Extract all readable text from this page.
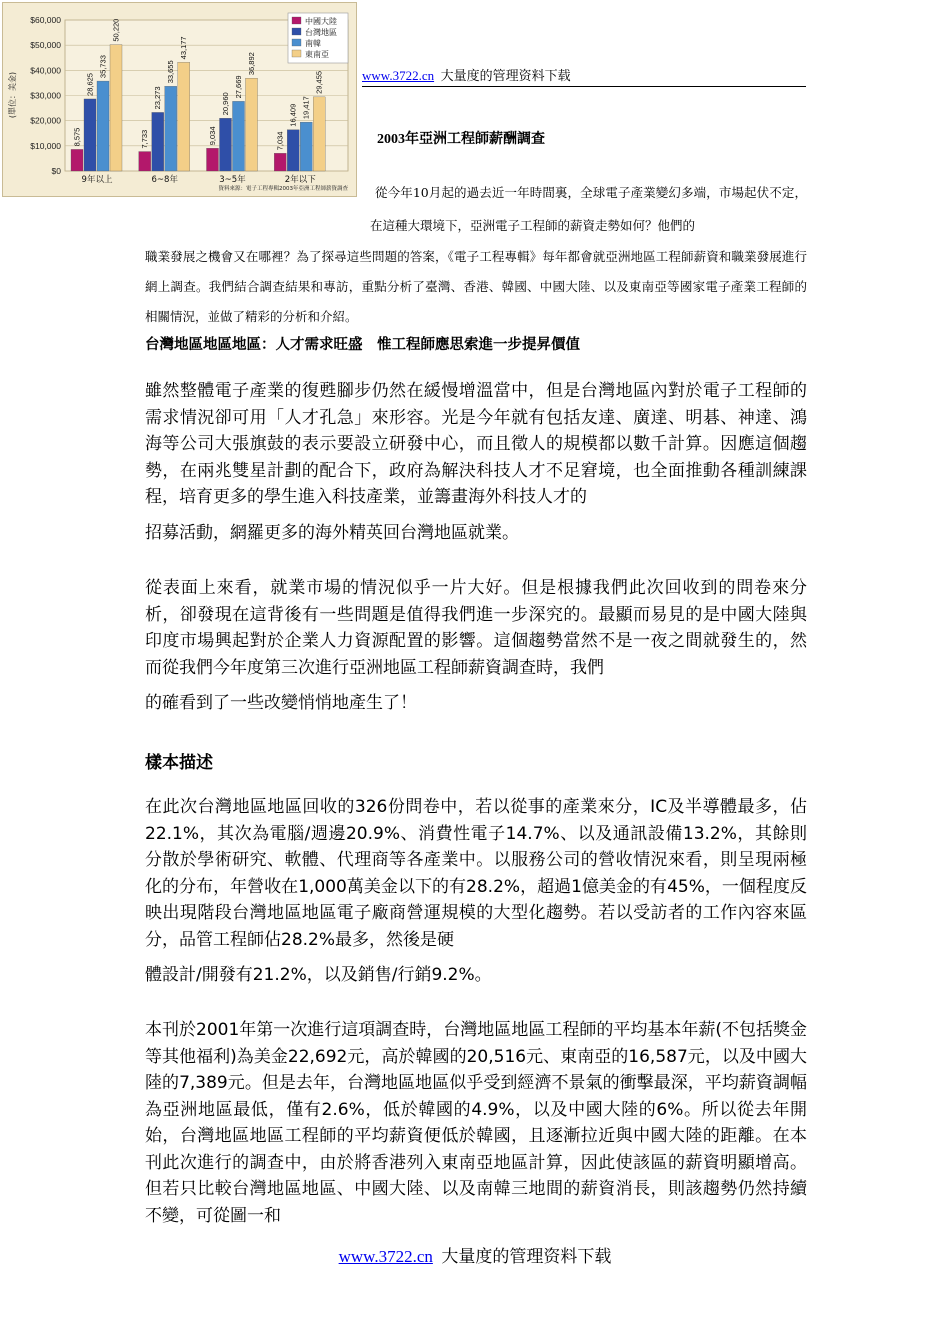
$0
$10,000
$20,000
$30,000
$40,000
$50,000
$60,000
(單位：美金)
8,575
28,625
35,733
50,220
9年以上
7,733
23,273
33,655
43,177
6~8年
9,034
20,960
27,669
36,892
3~5年
7,034
16,409 19,417
29,455
2年以下
中國大陸
台灣地區
南韓
東南亞
資料來源：電子工程專輯2003年亞洲工程師薪資調查
www.3722.cn 大量度的管理资料下载
2003年亞洲工程師薪酬調查
從今年10月起的過去近一年時間裏，全球電子產業變幻多端，市場起伏不定，在這種大環境下，亞洲電子工程師的薪資走勢如何？他們的
職業發展之機會又在哪裡？為了探尋這些問題的答案，《電子工程專輯》每年都會就亞洲地區工程師薪資和職業發展進行網上調查。我們結合調查結果和專訪，重點分析了臺灣、香港、韓國、中國大陸、以及東南亞等國家電子產業工程師的相關情況，並做了精彩的分析和介紹。
台灣地區地區地區：人才需求旺盛　惟工程師應思索進一步提昇價值
雖然整體電子產業的復甦腳步仍然在緩慢增溫當中，但是台灣地區內對於電子工程師的需求情況卻可用「人才孔急」來形容。光是今年就有包括友達、廣達、明碁、神達、鴻海等公司大張旗鼓的表示要設立研發中心，而且徵人的規模都以數千計算。因應這個趨勢，在兩兆雙星計劃的配合下，政府為解決科技人才不足窘境，也全面推動各種訓練課程，培育更多的學生進入科技產業，並籌畫海外科技人才的
招募活動，網羅更多的海外精英回台灣地區就業。
從表面上來看，就業市場的情況似乎一片大好。但是根據我們此次回收到的問卷來分析，卻發現在這背後有一些問題是值得我們進一步深究的。最顯而易見的是中國大陸與印度市場興起對於企業人力資源配置的影響。這個趨勢當然不是一夜之間就發生的，然而從我們今年度第三次進行亞洲地區工程師薪資調查時，我們
的確看到了一些改變悄悄地產生了！
樣本描述
在此次台灣地區地區回收的326份問卷中，若以從事的產業來分，IC及半導體最多，佔22.1%，其次為電腦/週邊20.9%、消費性電子14.7%、以及通訊設備13.2%，其餘則分散於學術研究、軟體、代理商等各產業中。以服務公司的營收情況來看，則呈現兩極化的分布，年營收在1,000萬美金以下的有28.2%，超過1億美金的有45%，一個程度反映出現階段台灣地區地區電子廠商營運規模的大型化趨勢。若以受訪者的工作內容來區分，品管工程師佔28.2%最多，然後是硬
體設計/開發有21.2%，以及銷售/行銷9.2%。
本刊於2001年第一次進行這項調查時，台灣地區地區工程師的平均基本年薪(不包括獎金等其他福利)為美金22,692元，高於韓國的20,516元、東南亞的16,587元，以及中國大陸的7,389元。但是去年，台灣地區地區似乎受到經濟不景氣的衝擊最深，平均薪資調幅為亞洲地區最低，僅有2.6%，低於韓國的4.9%，以及中國大陸的6%。所以從去年開始，台灣地區地區工程師的平均薪資便低於韓國，且逐漸拉近與中國大陸的距離。在本刊此次進行的調查中，由於將香港列入東南亞地區計算，因此使該區的薪資明顯增高。但若只比較台灣地區地區、中國大陸、以及南韓三地間的薪資消長，則該趨勢仍然持續不變，可從圖一和
www.3722.cn 大量度的管理资料下载
